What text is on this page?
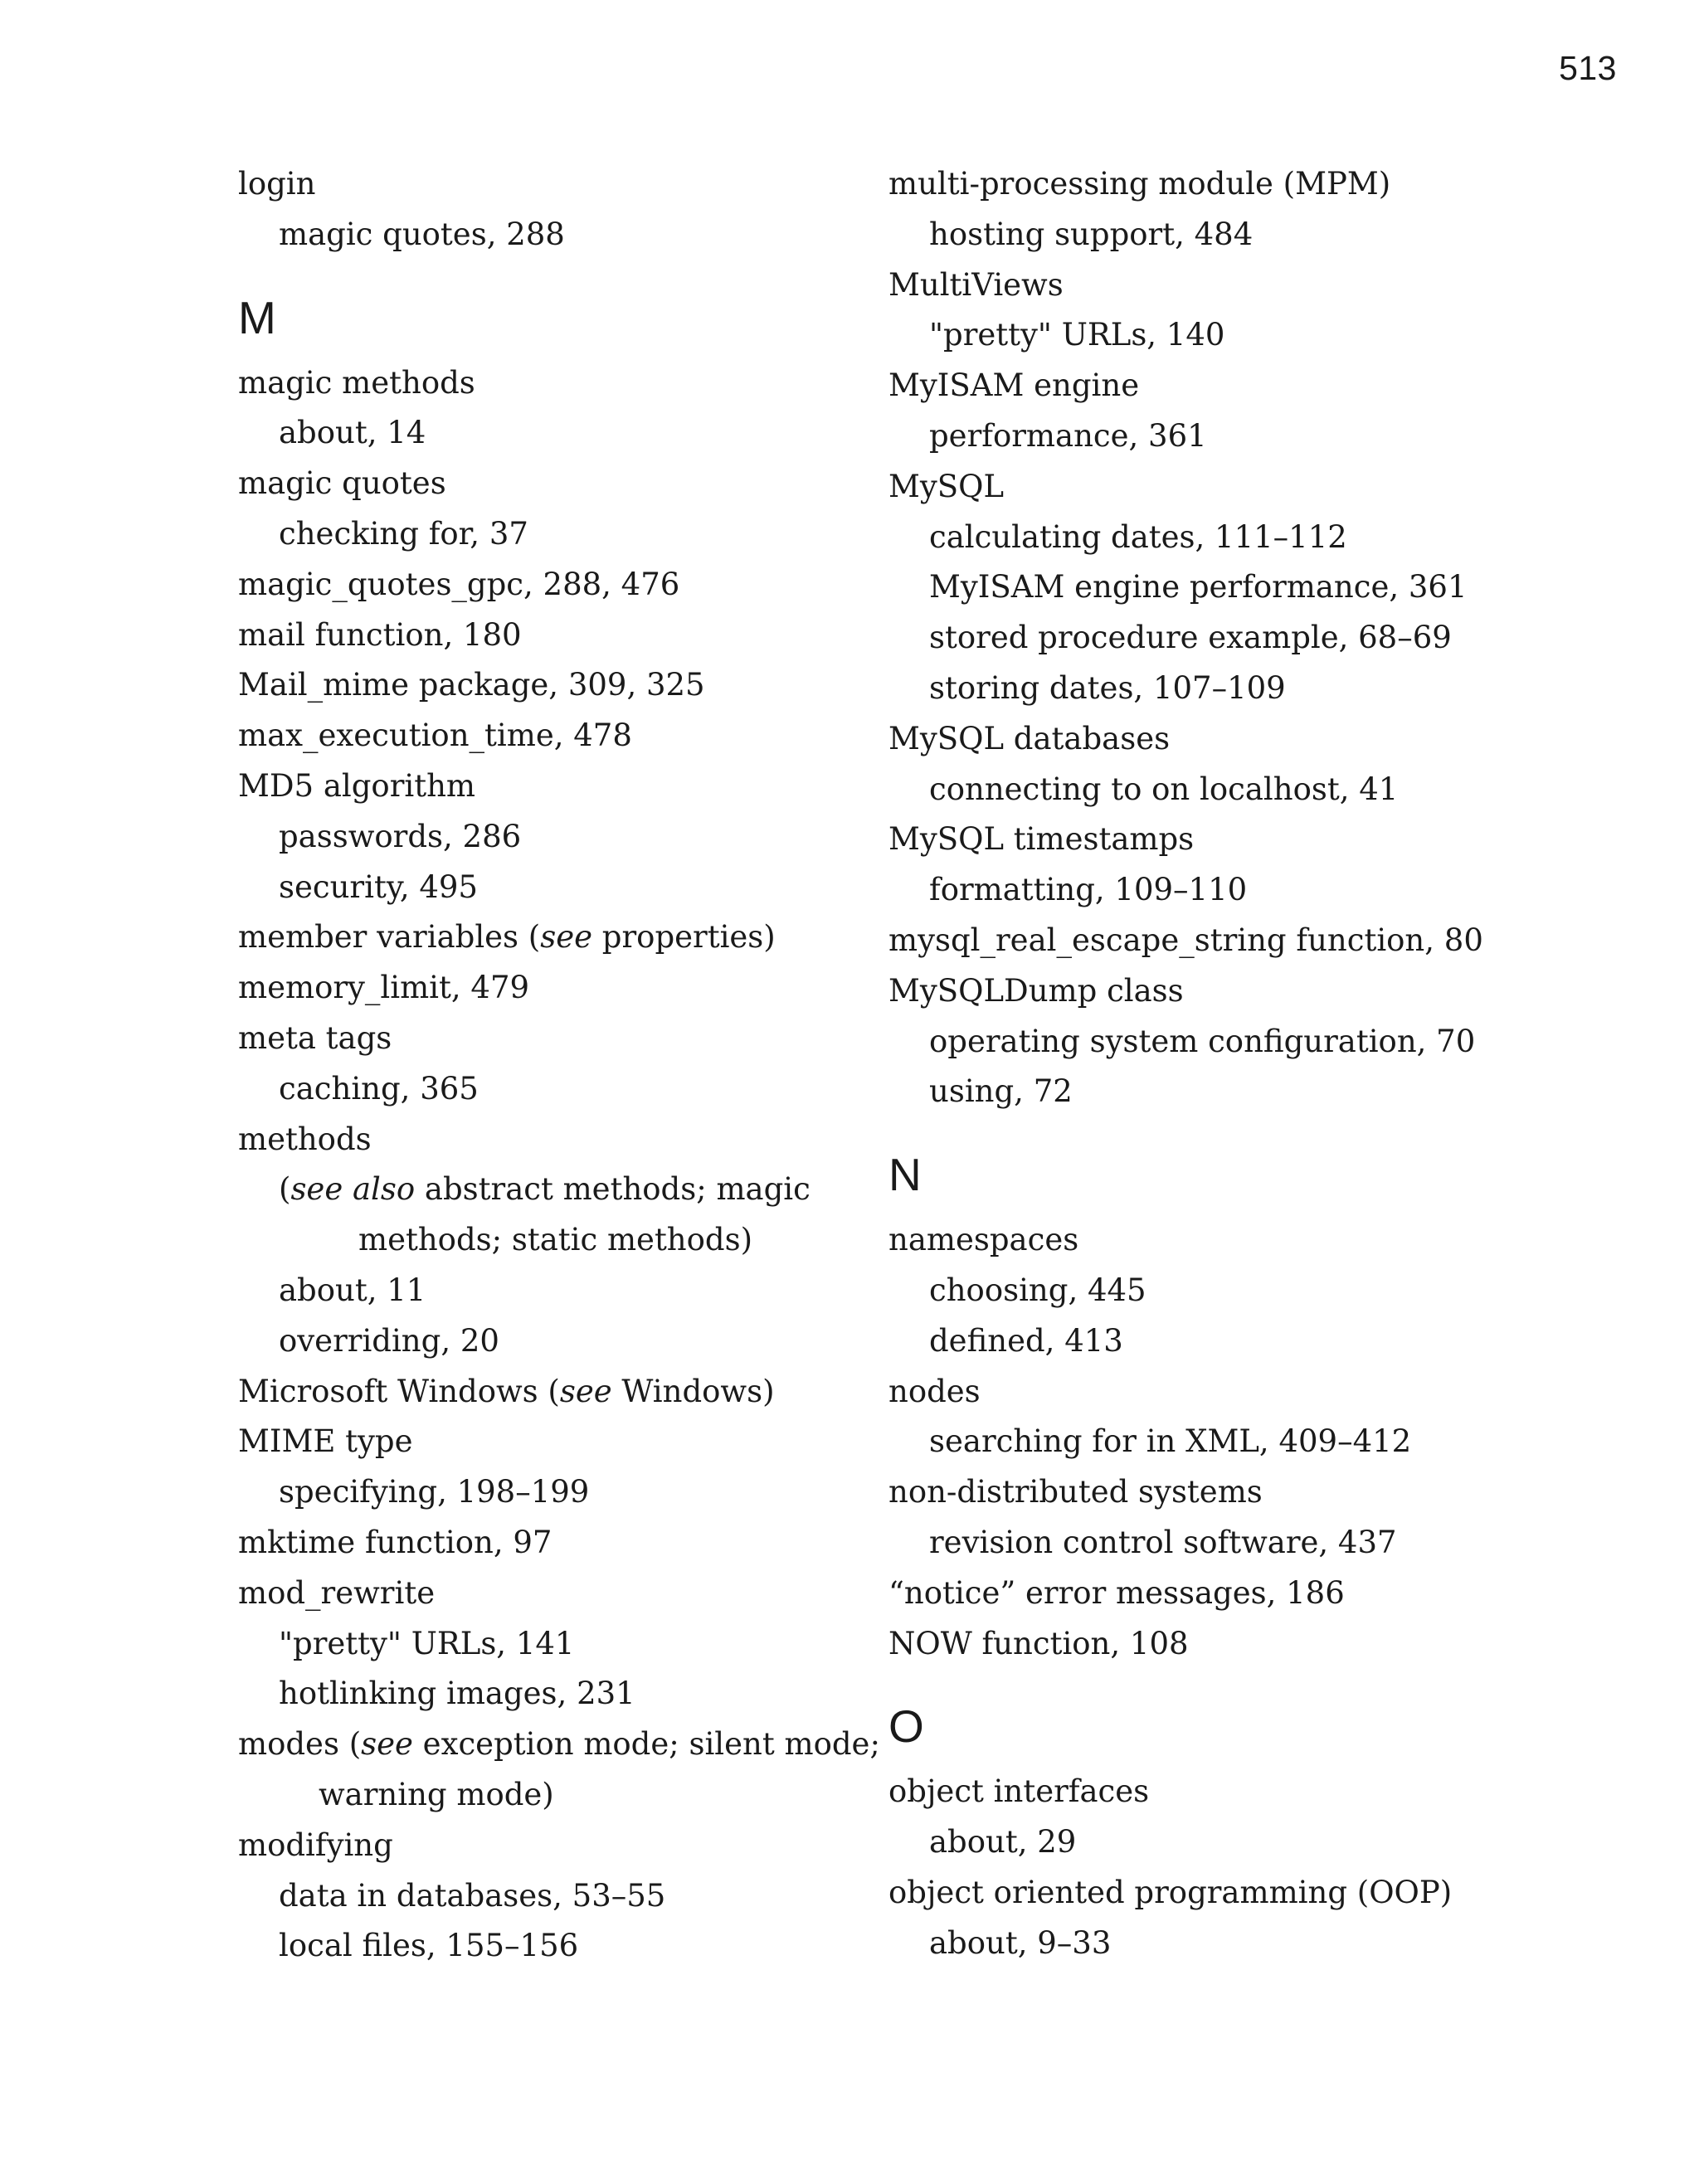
513
login
magic quotes, 288
M
magic methods
about, 14
magic quotes
checking for, 37
magic_quotes_gpc, 288, 476
mail function, 180
Mail_mime package, 309, 325
max_execution_time, 478
MD5 algorithm
passwords, 286
security, 495
member variables (see properties)
memory_limit, 479
meta tags
caching, 365
methods
(see also abstract methods; magic
methods; static methods)
about, 11
overriding, 20
Microsoft Windows (see Windows)
MIME type
specifying, 198–199
mktime function, 97
mod_rewrite
"pretty" URLs, 141
hotlinking images, 231
modes (see exception mode; silent mode;
warning mode)
modifying
data in databases, 53–55
local files, 155–156
multi-processing module (MPM)
hosting support, 484
MultiViews
"pretty" URLs, 140
MyISAM engine
performance, 361
MySQL
calculating dates, 111–112
MyISAM engine performance, 361
stored procedure example, 68–69
storing dates, 107–109
MySQL databases
connecting to on localhost, 41
MySQL timestamps
formatting, 109–110
mysql_real_escape_string function, 80
MySQLDump class
operating system configuration, 70
using, 72
N
namespaces
choosing, 445
defined, 413
nodes
searching for in XML, 409–412
non-distributed systems
revision control software, 437
“notice” error messages, 186
NOW function, 108
O
object interfaces
about, 29
object oriented programming (OOP)
about, 9–33
